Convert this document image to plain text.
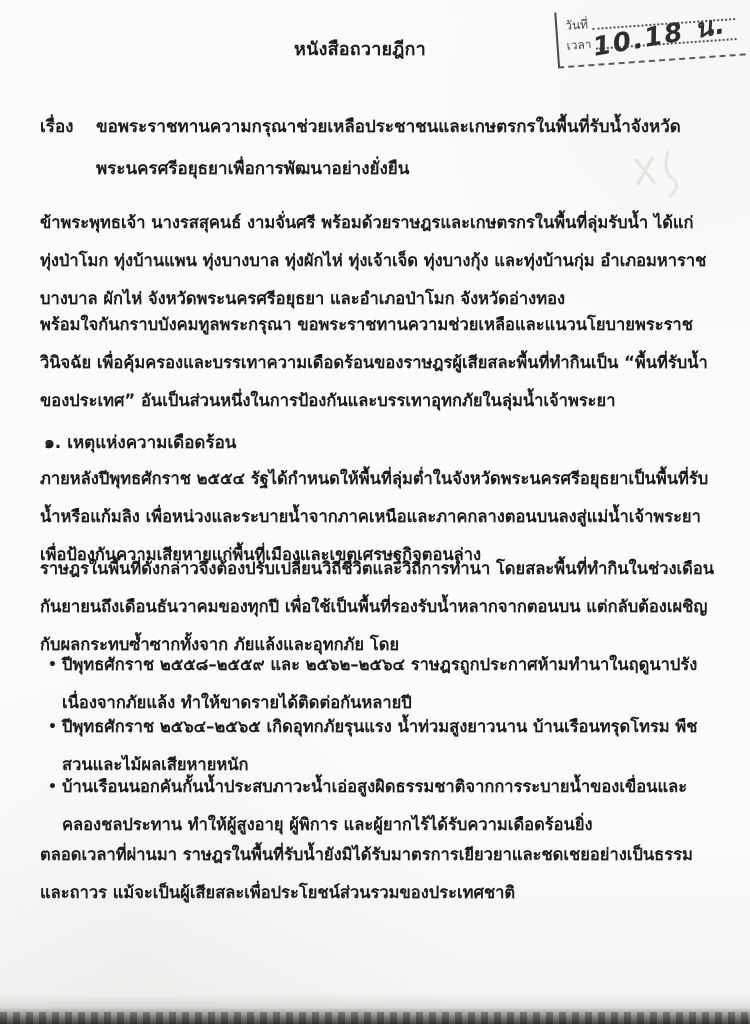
วันที่
เวลา
10.18 น.
หนังสือถวายฎีกา
เรื่อง	ขอพระราชทานความกรุณาช่วยเหลือประชาชนและเกษตรกรในพื้นที่รับน้ำจังหวัด
พระนครศรีอยุธยาเพื่อการพัฒนาอย่างยั่งยืน

ข้าพระพุทธเจ้า นางรสสุคนธ์ งามจั่นศรี พร้อมด้วยราษฎรและเกษตรกรในพื้นที่ลุ่มรับน้ำ ได้แก่ ทุ่งป่าโมก ทุ่งบ้านแพน ทุ่งบางบาล ทุ่งผักไห่ ทุ่งเจ้าเจ็ด ทุ่งบางกุ้ง และทุ่งบ้านกุ่ม อำเภอมหาราช บางบาล ผักไห่ จังหวัดพระนครศรีอยุธยา และอำเภอป่าโมก จังหวัดอ่างทอง

พร้อมใจกันกราบบังคมทูลพระกรุณา ขอพระราชทานความช่วยเหลือและแนวนโยบายพระราชวินิจฉัย เพื่อคุ้มครองและบรรเทาความเดือดร้อนของราษฎรผู้เสียสละพื้นที่ทำกินเป็น “พื้นที่รับน้ำของประเทศ” อันเป็นส่วนหนึ่งในการป้องกันและบรรเทาอุทกภัยในลุ่มน้ำเจ้าพระยา

๑. เหตุแห่งความเดือดร้อน

ภายหลังปีพุทธศักราช ๒๕๕๔ รัฐได้กำหนดให้พื้นที่ลุ่มต่ำในจังหวัดพระนครศรีอยุธยาเป็นพื้นที่รับน้ำหรือแก้มลิง เพื่อหน่วงและระบายน้ำจากภาคเหนือและภาคกลางตอนบนลงสู่แม่น้ำเจ้าพระยา เพื่อป้องกันความเสียหายแก่พื้นที่เมืองและเขตเศรษฐกิจตอนล่าง

ราษฎรในพื้นที่ดังกล่าวจึงต้องปรับเปลี่ยนวิถีชีวิตและวิถีการทำนา โดยสละพื้นที่ทำกินในช่วงเดือนกันยายนถึงเดือนธันวาคมของทุกปี เพื่อใช้เป็นพื้นที่รองรับน้ำหลากจากตอนบน แต่กลับต้องเผชิญกับผลกระทบซ้ำซากทั้งจาก ภัยแล้งและอุทกภัย โดย

• ปีพุทธศักราช ๒๕๕๘–๒๕๕๙ และ ๒๕๖๒–๒๕๖๔ ราษฎรถูกประกาศห้ามทำนาในฤดูนาปรังเนื่องจากภัยแล้ง ทำให้ขาดรายได้ติดต่อกันหลายปี
• ปีพุทธศักราช ๒๕๖๔–๒๕๖๕ เกิดอุทกภัยรุนแรง น้ำท่วมสูงยาวนาน บ้านเรือนทรุดโทรม พืชสวนและไม้ผลเสียหายหนัก
• บ้านเรือนนอกคันกั้นน้ำประสบภาวะน้ำเอ่อสูงผิดธรรมชาติจากการระบายน้ำของเขื่อนและคลองชลประทาน ทำให้ผู้สูงอายุ ผู้พิการ และผู้ยากไร้ได้รับความเดือดร้อนยิ่ง

ตลอดเวลาที่ผ่านมา ราษฎรในพื้นที่รับน้ำยังมิได้รับมาตรการเยียวยาและชดเชยอย่างเป็นธรรมและถาวร แม้จะเป็นผู้เสียสละเพื่อประโยชน์ส่วนรวมของประเทศชาติ
